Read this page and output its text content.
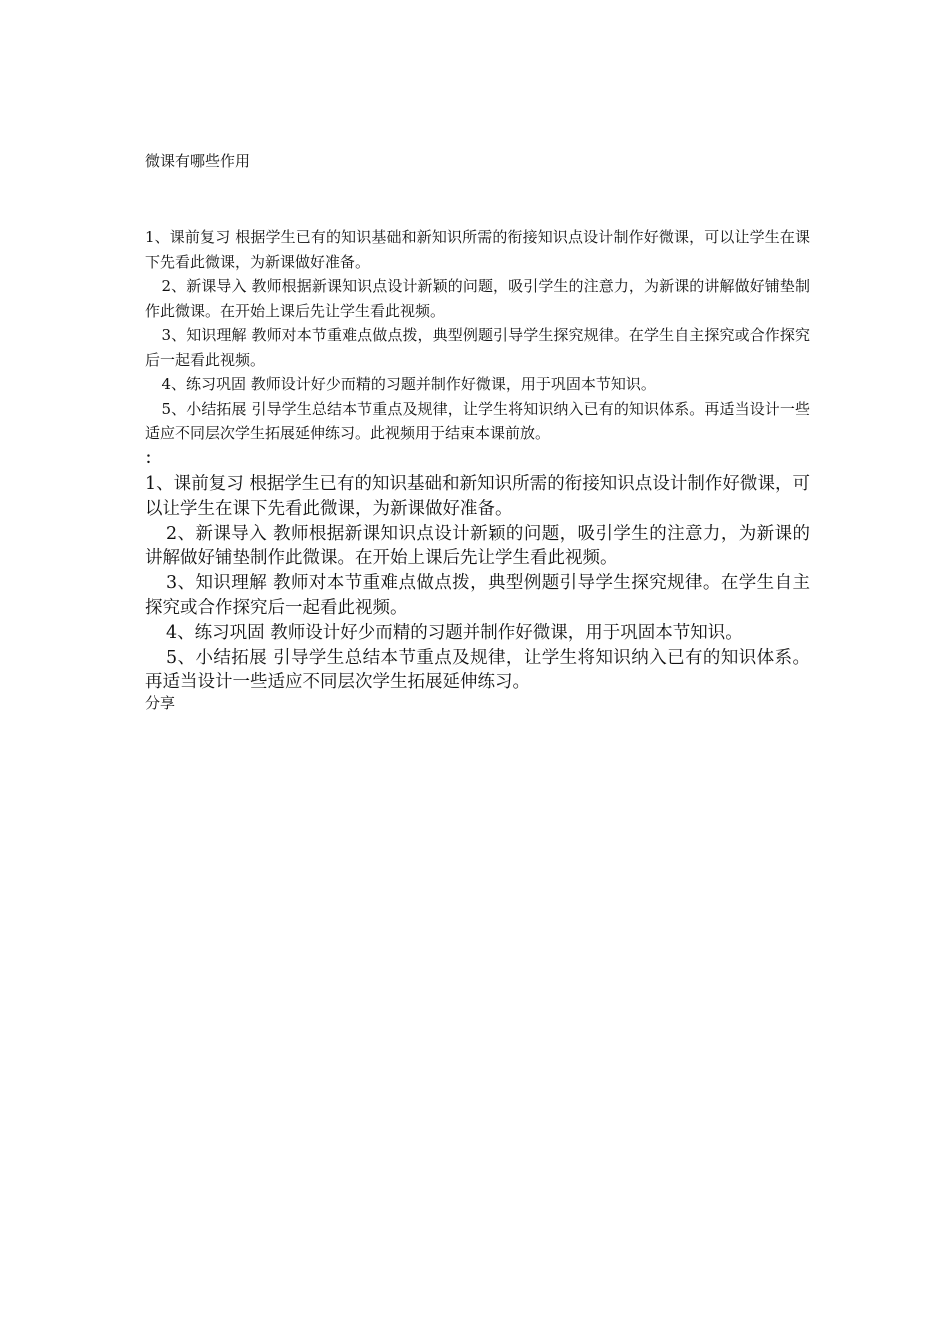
微课有哪些作用

1、课前复习 根据学生已有的知识基础和新知识所需的衔接知识点设计制作好微课，可以让学生在课下先看此微课，为新课做好准备。

2、新课导入 教师根据新课知识点设计新颖的问题，吸引学生的注意力，为新课的讲解做好铺垫制作此微课。在开始上课后先让学生看此视频。

3、知识理解 教师对本节重难点做点拨，典型例题引导学生探究规律。在学生自主探究或合作探究后一起看此视频。

4、练习巩固 教师设计好少而精的习题并制作好微课，用于巩固本节知识。

5、小结拓展 引导学生总结本节重点及规律，让学生将知识纳入已有的知识体系。再适当设计一些适应不同层次学生拓展延伸练习。此视频用于结束本课前放。

：

1、课前复习 根据学生已有的知识基础和新知识所需的衔接知识点设计制作好微课，可以让学生在课下先看此微课，为新课做好准备。

2、新课导入 教师根据新课知识点设计新颖的问题，吸引学生的注意力，为新课的讲解做好铺垫制作此微课。在开始上课后先让学生看此视频。

3、知识理解 教师对本节重难点做点拨，典型例题引导学生探究规律。在学生自主探究或合作探究后一起看此视频。

4、练习巩固 教师设计好少而精的习题并制作好微课，用于巩固本节知识。

5、小结拓展 引导学生总结本节重点及规律，让学生将知识纳入已有的知识体系。再适当设计一些适应不同层次学生拓展延伸练习。

分享
